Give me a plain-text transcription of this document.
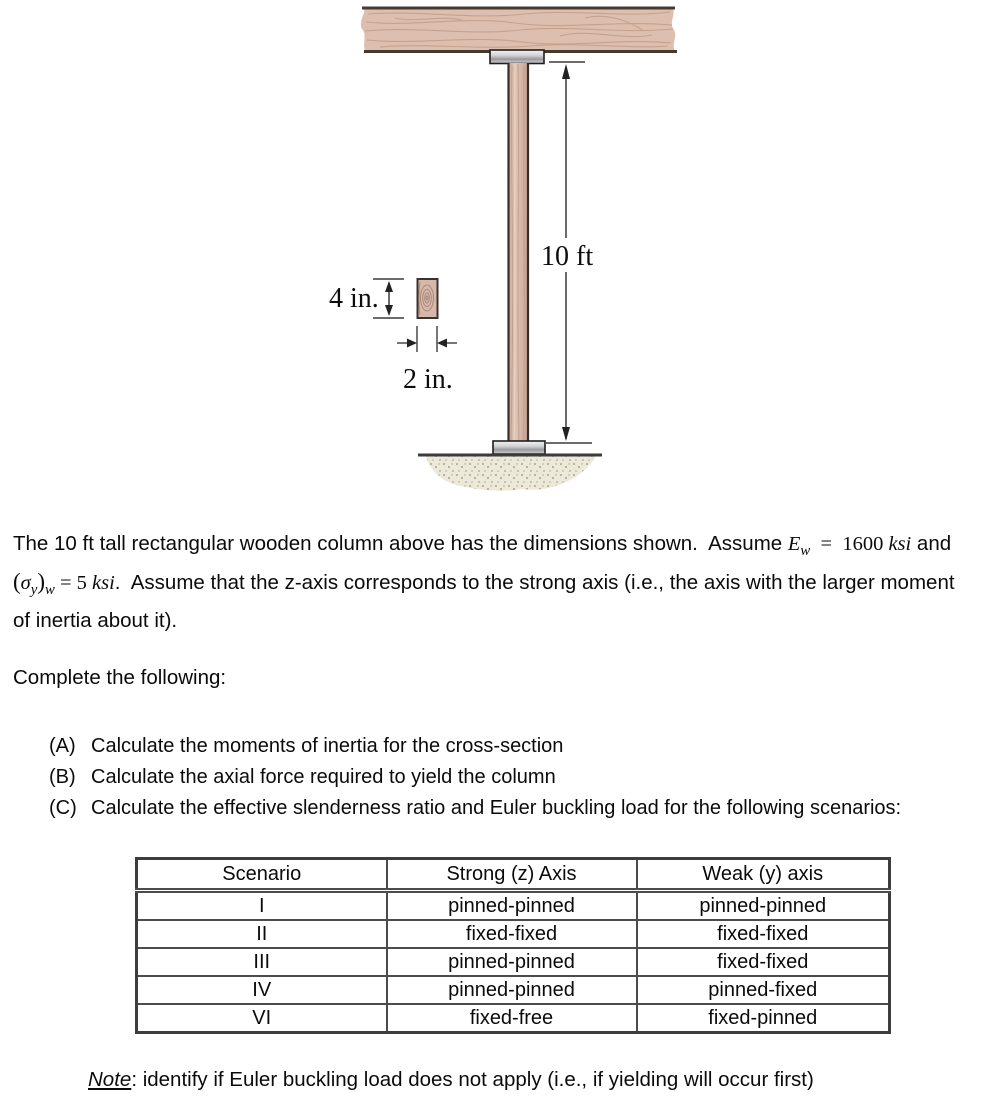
10 ft
4 in.
2 in.

The 10 ft tall rectangular wooden column above has the dimensions shown.  Assume $E_w = 1600$ ksi and $(\sigma_y)_w = 5$ ksi.  Assume that the z-axis corresponds to the strong axis (i.e., the axis with the larger moment of inertia about it).

Complete the following:

(A) Calculate the moments of inertia for the cross-section
(B) Calculate the axial force required to yield the column
(C) Calculate the effective slenderness ratio and Euler buckling load for the following scenarios:
Scenario	Strong (z) Axis	Weak (y) axis
I	pinned-pinned	pinned-pinned
II	fixed-fixed	fixed-fixed
III	pinned-pinned	fixed-fixed
IV	pinned-pinned	pinned-fixed
VI	fixed-free	fixed-pinned

Note: identify if Euler buckling load does not apply (i.e., if yielding will occur first)
